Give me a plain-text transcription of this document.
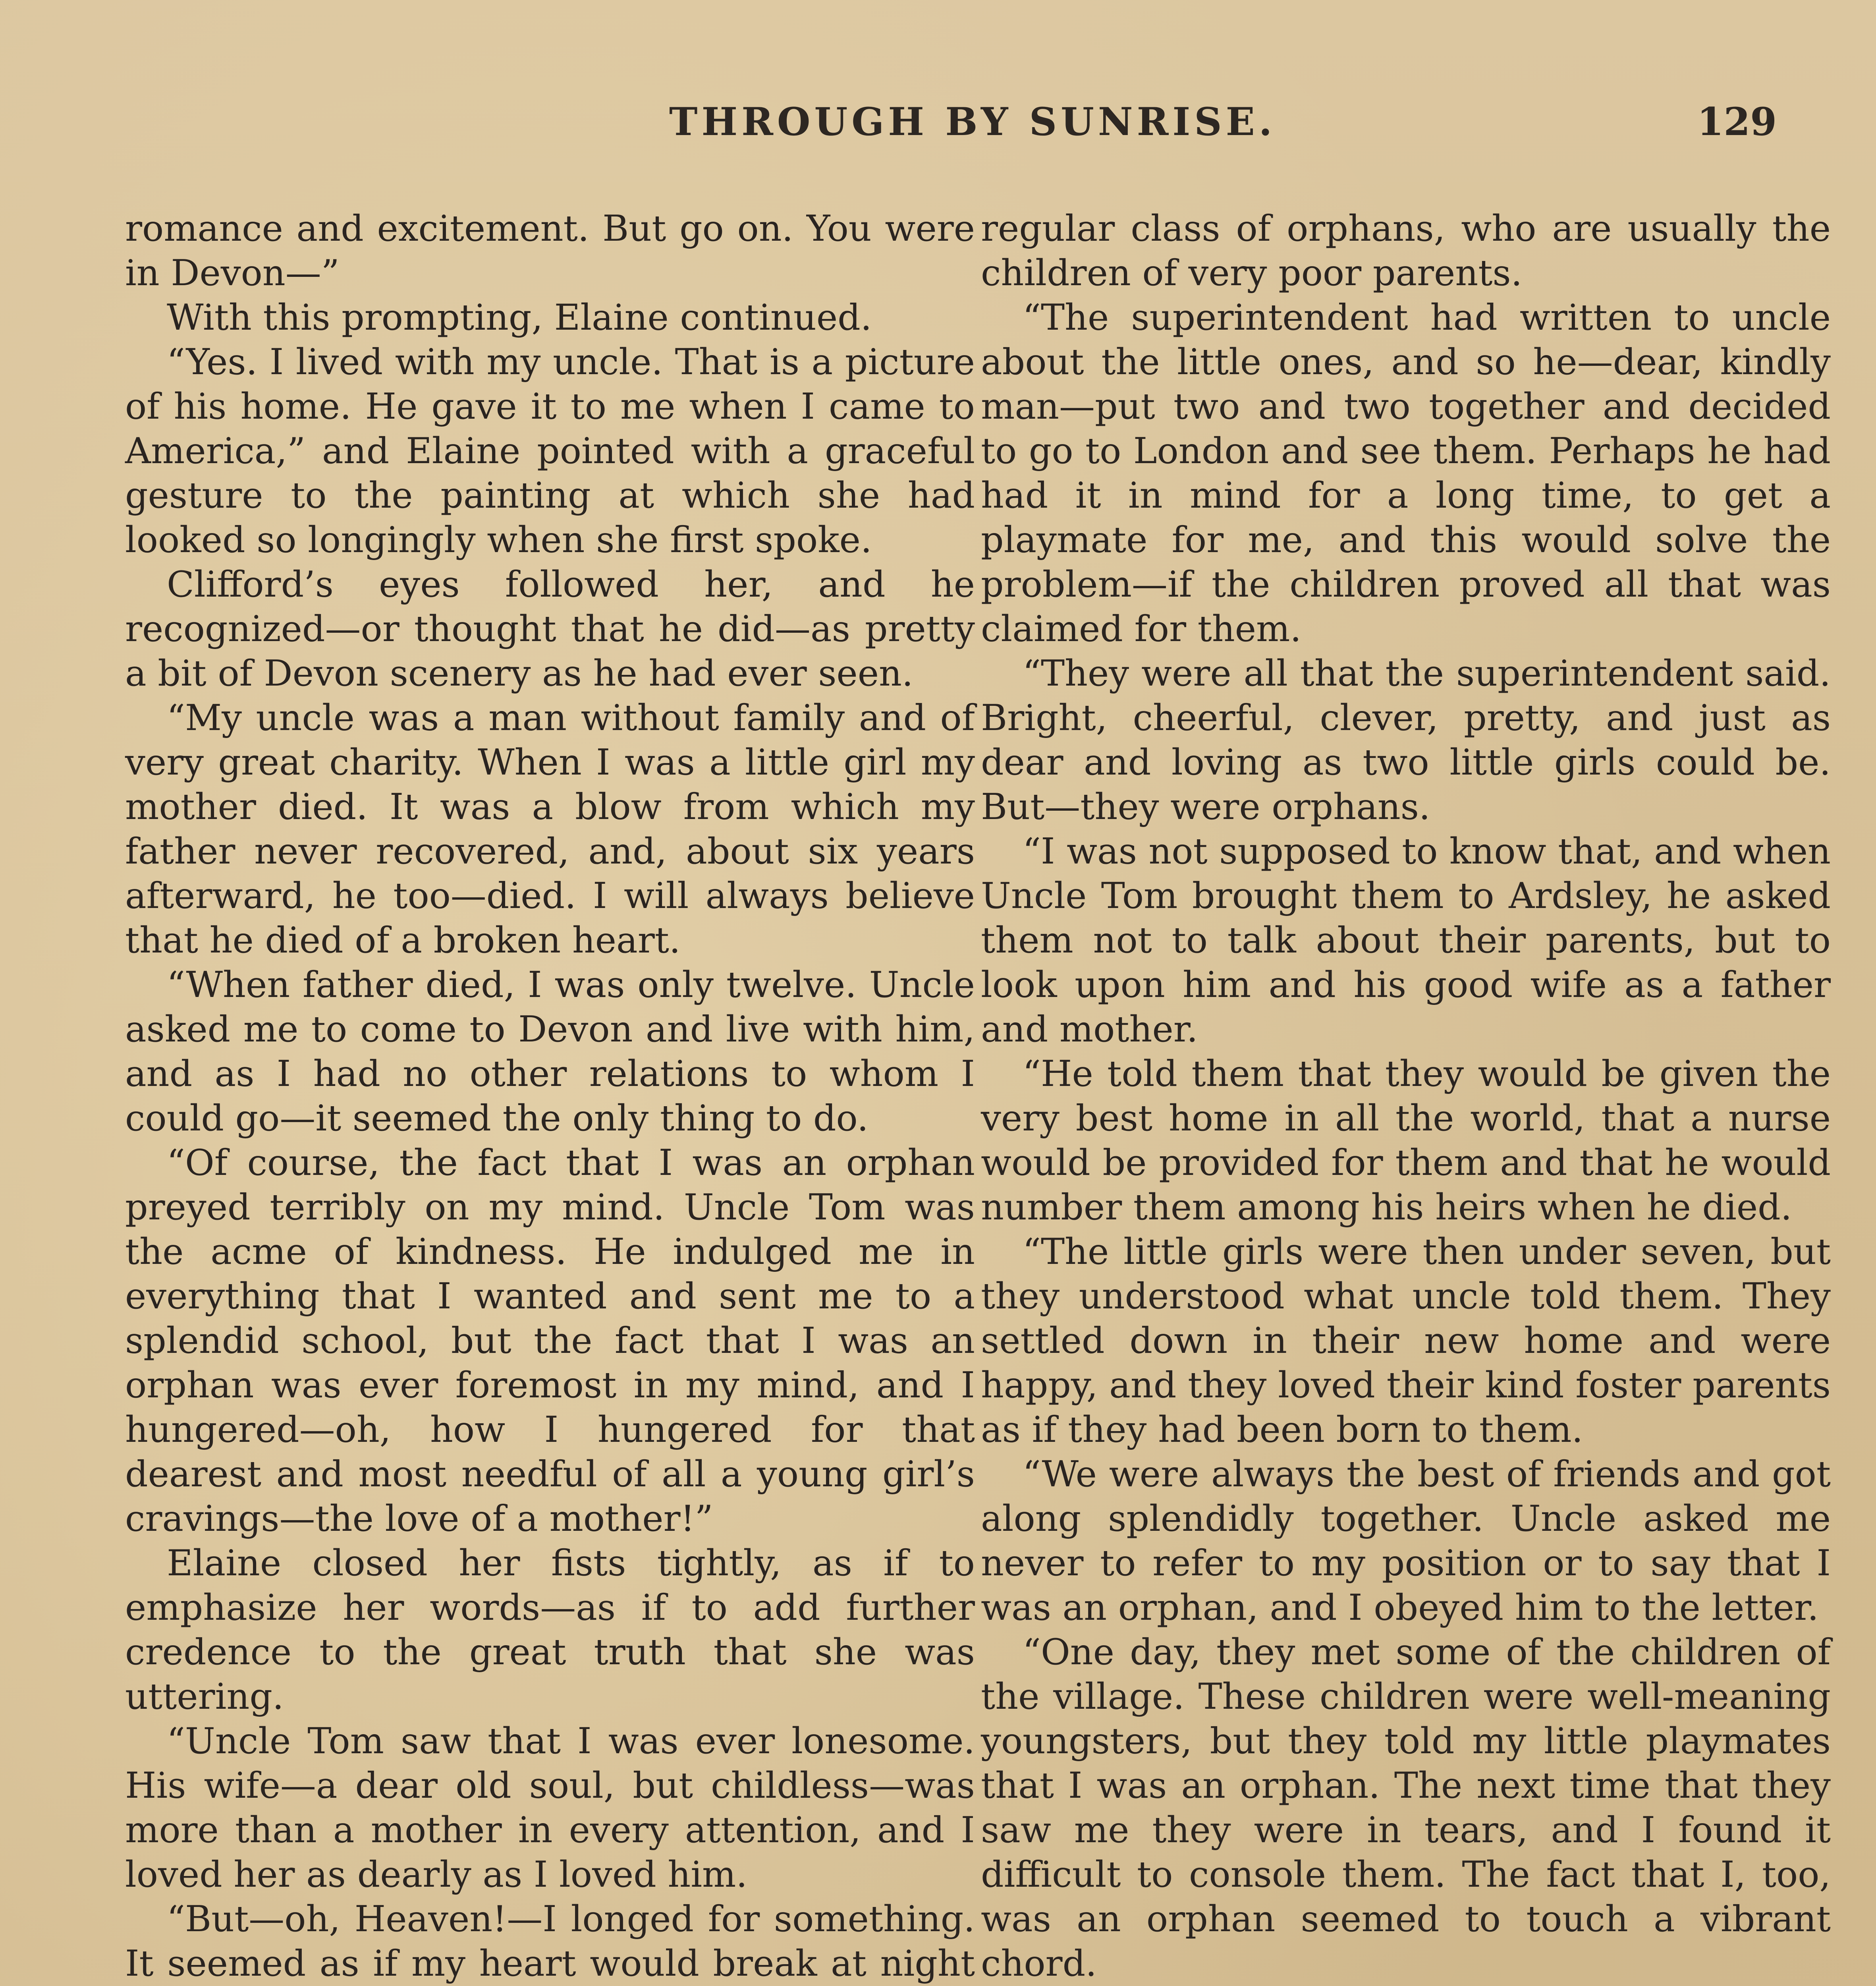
THROUGH BY SUNRISE.	129

romance and excitement. But go on. You were in Devon—”

With this prompting, Elaine continued.

“Yes. I lived with my uncle. That is a picture of his home. He gave it to me when I came to America,” and Elaine pointed with a graceful gesture to the painting at which she had looked so longingly when she first spoke.

Clifford’s eyes followed her, and he recognized—or thought that he did—as pretty a bit of Devon scenery as he had ever seen.

“My uncle was a man without family and of very great charity. When I was a little girl my mother died. It was a blow from which my father never recovered, and, about six years afterward, he too—died. I will always believe that he died of a broken heart.

“When father died, I was only twelve. Uncle asked me to come to Devon and live with him, and as I had no other relations to whom I could go—it seemed the only thing to do.

“Of course, the fact that I was an orphan preyed terribly on my mind. Uncle Tom was the acme of kindness. He indulged me in everything that I wanted and sent me to a splendid school, but the fact that I was an orphan was ever foremost in my mind, and I hungered—oh, how I hungered for that dearest and most needful of all a young girl’s cravings—the love of a mother!”

Elaine closed her fists tightly, as if to emphasize her words—as if to add further credence to the great truth that she was uttering.

“Uncle Tom saw that I was ever lonesome. His wife—a dear old soul, but childless—was more than a mother in every attention, and I loved her as dearly as I loved him.

“But—oh, Heaven!—I longed for something. It seemed as if my heart would break at night

regular class of orphans, who are usually the children of very poor parents.

“The superintendent had written to uncle about the little ones, and so he—dear, kindly man—put two and two together and decided to go to London and see them. Perhaps he had had it in mind for a long time, to get a playmate for me, and this would solve the problem—if the children proved all that was claimed for them.

“They were all that the superintendent said. Bright, cheerful, clever, pretty, and just as dear and loving as two little girls could be. But—they were orphans.

“I was not supposed to know that, and when Uncle Tom brought them to Ardsley, he asked them not to talk about their parents, but to look upon him and his good wife as a father and mother.

“He told them that they would be given the very best home in all the world, that a nurse would be provided for them and that he would number them among his heirs when he died.

“The little girls were then under seven, but they understood what uncle told them. They settled down in their new home and were happy, and they loved their kind foster parents as if they had been born to them.

“We were always the best of friends and got along splendidly together. Uncle asked me never to refer to my position or to say that I was an orphan, and I obeyed him to the letter.

“One day, they met some of the children of the village. These children were well-meaning youngsters, but they told my little playmates that I was an orphan. The next time that they saw me they were in tears, and I found it difficult to console them. The fact that I, too, was an orphan seemed to touch a vibrant chord.
